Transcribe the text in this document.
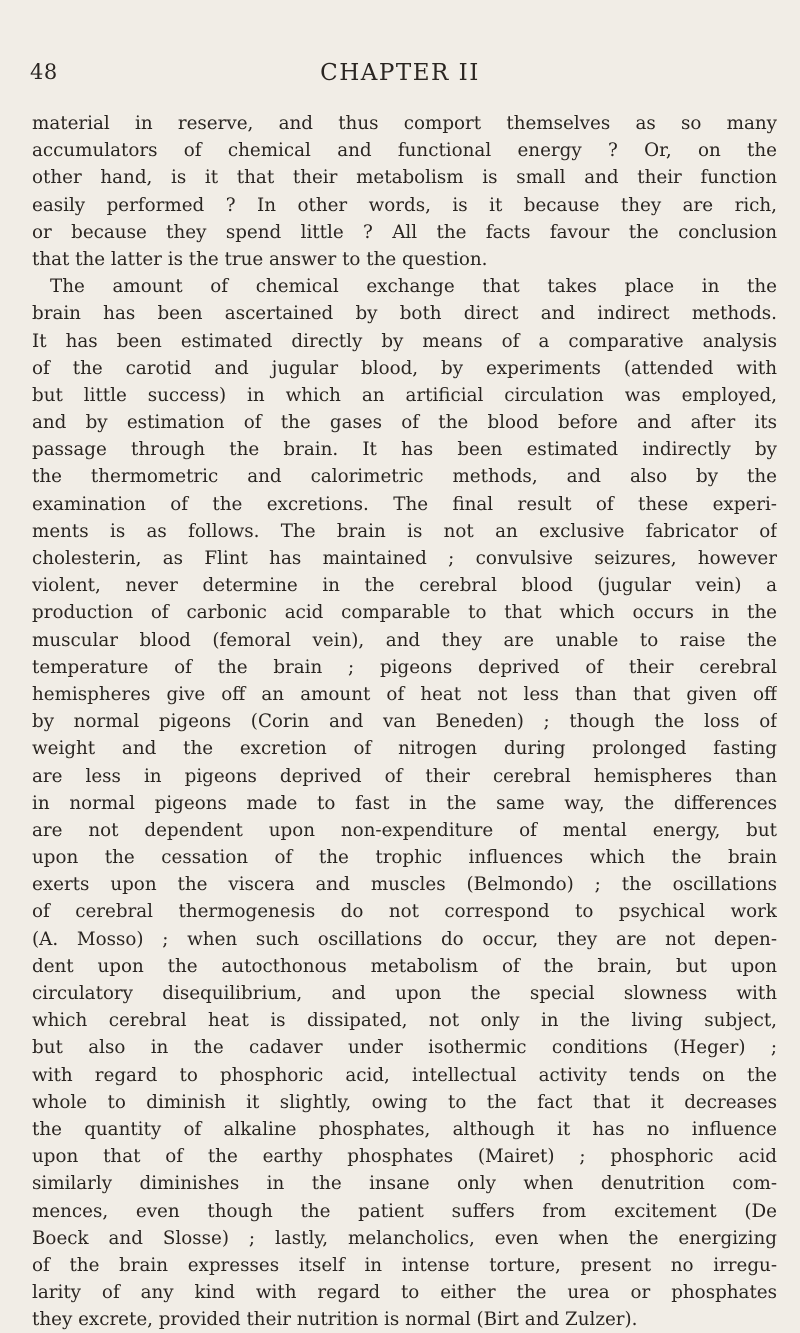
48	CHAPTER II
material in reserve, and thus comport themselves as so many
accumulators of chemical and functional energy ? Or, on the
other hand, is it that their metabolism is small and their function
easily performed ? In other words, is it because they are rich,
or because they spend little ? All the facts favour the conclusion
that the latter is the true answer to the question.
The amount of chemical exchange that takes place in the
brain has been ascertained by both direct and indirect methods.
It has been estimated directly by means of a comparative analysis
of the carotid and jugular blood, by experiments (attended with
but little success) in which an artificial circulation was employed,
and by estimation of the gases of the blood before and after its
passage through the brain. It has been estimated indirectly by
the thermometric and calorimetric methods, and also by the
examination of the excretions. The final result of these experi-
ments is as follows. The brain is not an exclusive fabricator of
cholesterin, as Flint has maintained ; convulsive seizures, however
violent, never determine in the cerebral blood (jugular vein) a
production of carbonic acid comparable to that which occurs in the
muscular blood (femoral vein), and they are unable to raise the
temperature of the brain ; pigeons deprived of their cerebral
hemispheres give off an amount of heat not less than that given off
by normal pigeons (Corin and van Beneden) ; though the loss of
weight and the excretion of nitrogen during prolonged fasting
are less in pigeons deprived of their cerebral hemispheres than
in normal pigeons made to fast in the same way, the differences
are not dependent upon non-expenditure of mental energy, but
upon the cessation of the trophic influences which the brain
exerts upon the viscera and muscles (Belmondo) ; the oscillations
of cerebral thermogenesis do not correspond to psychical work
(A. Mosso) ; when such oscillations do occur, they are not depen-
dent upon the autocthonous metabolism of the brain, but upon
circulatory disequilibrium, and upon the special slowness with
which cerebral heat is dissipated, not only in the living subject,
but also in the cadaver under isothermic conditions (Heger) ;
with regard to phosphoric acid, intellectual activity tends on the
whole to diminish it slightly, owing to the fact that it decreases
the quantity of alkaline phosphates, although it has no influence
upon that of the earthy phosphates (Mairet) ; phosphoric acid
similarly diminishes in the insane only when denutrition com-
mences, even though the patient suffers from excitement (De
Boeck and Slosse) ; lastly, melancholics, even when the energizing
of the brain expresses itself in intense torture, present no irregu-
larity of any kind with regard to either the urea or phosphates
they excrete, provided their nutrition is normal (Birt and Zulzer).
